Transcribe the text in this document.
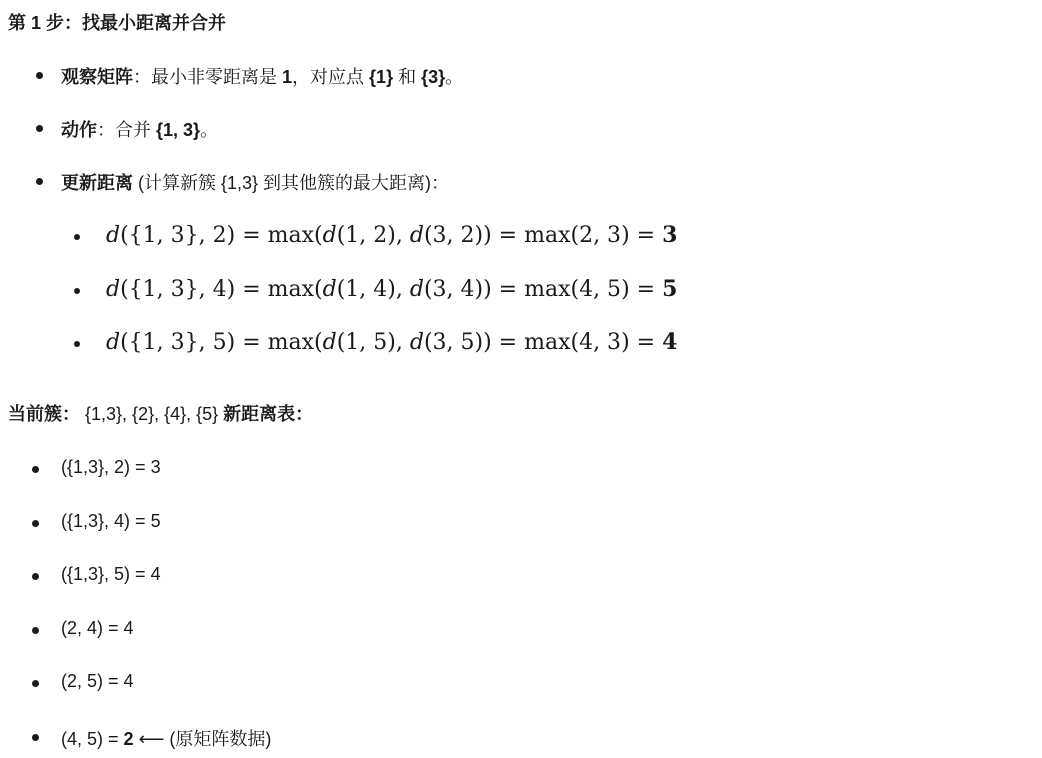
第 1 步：找最小距离并合并
观察矩阵：最小非零距离是 1，对应点 {1} 和 {3}。
动作：合并 {1, 3}。
更新距离 (计算新簇 {1,3} 到其他簇的最大距离)：
d({1, 3}, 2) = max(d(1, 2), d(3, 2)) = max(2, 3) = 3
d({1, 3}, 4) = max(d(1, 4), d(3, 4)) = max(4, 5) = 5
d({1, 3}, 5) = max(d(1, 5), d(3, 5)) = max(4, 3) = 4
当前簇： {1,3}, {2}, {4}, {5} 新距离表：
({1,3}, 2) = 3
({1,3}, 4) = 5
({1,3}, 5) = 4
(2, 4) = 4
(2, 5) = 4
(4, 5) = 2 ⟵ (原矩阵数据)
